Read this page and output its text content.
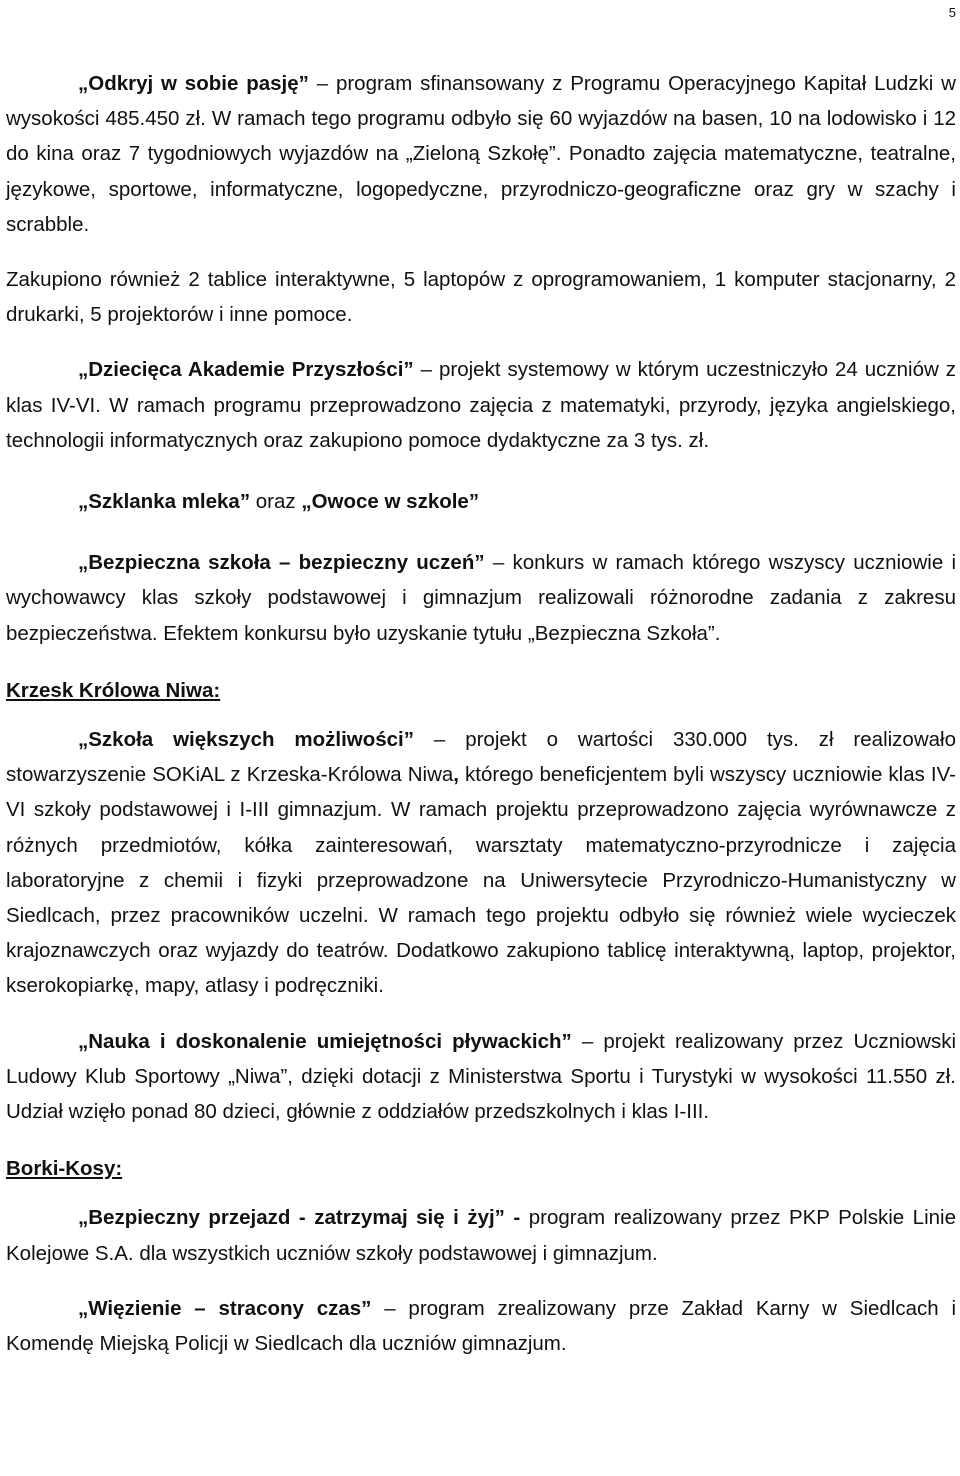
5

„Odkryj w sobie pasję” – program sfinansowany z Programu Operacyjnego Kapitał Ludzki w wysokości 485.450 zł. W ramach tego programu odbyło się 60 wyjazdów na basen, 10 na lodowisko i 12 do kina oraz 7 tygodniowych wyjazdów na „Zieloną Szkołę”. Ponadto zajęcia matematyczne, teatralne, językowe, sportowe, informatyczne, logopedyczne, przyrodniczo-geograficzne oraz gry w szachy i scrabble.

Zakupiono również 2 tablice interaktywne, 5 laptopów z oprogramowaniem, 1 komputer stacjonarny, 2 drukarki, 5 projektorów i inne pomoce.

„Dziecięca Akademie Przyszłości” – projekt systemowy w którym uczestniczyło 24 uczniów z klas IV-VI. W ramach programu przeprowadzono zajęcia z matematyki, przyrody, języka angielskiego, technologii informatycznych oraz zakupiono pomoce dydaktyczne za 3 tys. zł.

„Szklanka mleka” oraz „Owoce w szkole”

„Bezpieczna szkoła – bezpieczny uczeń” – konkurs w ramach którego wszyscy uczniowie i wychowawcy klas szkoły podstawowej i gimnazjum realizowali różnorodne zadania z zakresu bezpieczeństwa. Efektem konkursu było uzyskanie tytułu „Bezpieczna Szkoła”.

Krzesk Królowa Niwa:

„Szkoła większych możliwości” – projekt o wartości 330.000 tys. zł realizowało stowarzyszenie SOKiAL z Krzeska-Królowa Niwa, którego beneficjentem byli wszyscy uczniowie klas IV-VI szkoły podstawowej i I-III gimnazjum. W ramach projektu przeprowadzono zajęcia wyrównawcze z różnych przedmiotów, kółka zainteresowań, warsztaty matematyczno-przyrodnicze i zajęcia laboratoryjne z chemii i fizyki przeprowadzone na Uniwersytecie Przyrodniczo-Humanistyczny w Siedlcach, przez pracowników uczelni. W ramach tego projektu odbyło się również wiele wycieczek krajoznawczych oraz wyjazdy do teatrów. Dodatkowo zakupiono tablicę interaktywną, laptop, projektor, kserokopiarkę, mapy, atlasy i podręczniki.

„Nauka i doskonalenie umiejętności pływackich” – projekt realizowany przez Uczniowski Ludowy Klub Sportowy „Niwa”, dzięki dotacji z Ministerstwa Sportu i Turystyki w wysokości 11.550 zł. Udział wzięło ponad 80 dzieci, głównie z oddziałów przedszkolnych i klas I-III.

Borki-Kosy:

„Bezpieczny przejazd - zatrzymaj się i żyj” - program realizowany przez PKP Polskie Linie Kolejowe S.A. dla wszystkich uczniów szkoły podstawowej i gimnazjum.

„Więzienie – stracony czas” – program zrealizowany prze Zakład Karny w Siedlcach i Komendę Miejską Policji w Siedlcach dla uczniów gimnazjum.
